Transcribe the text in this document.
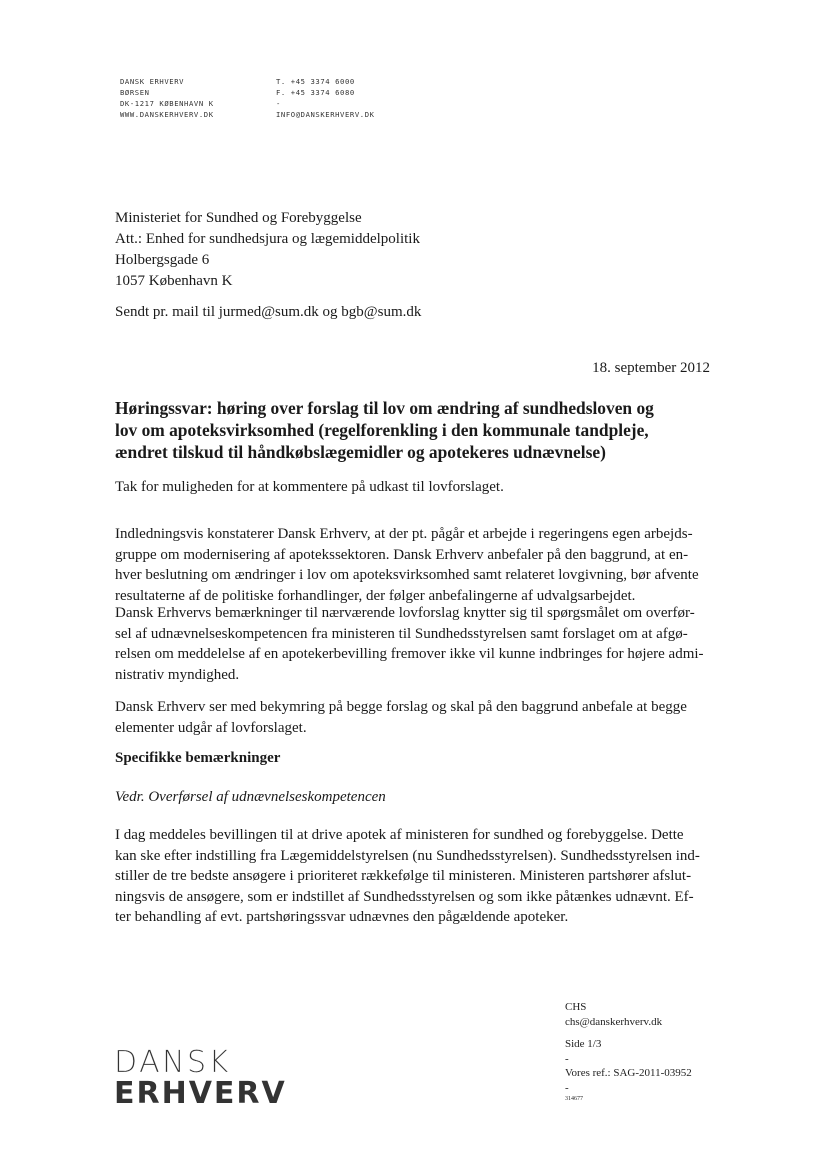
DANSK ERHVERV
BØRSEN
DK-1217 KØBENHAVN K
WWW.DANSKERHVERV.DK
T. +45 3374 6000
F. +45 3374 6080
-
INFO@DANSKERHVERV.DK
Ministeriet for Sundhed og Forebyggelse
Att.: Enhed for sundhedsjura og lægemiddelpolitik
Holbergsgade 6
1057 København K
Sendt pr. mail til jurmed@sum.dk og bgb@sum.dk
18. september 2012
Høringssvar: høring over forslag til lov om ændring af sundhedsloven og
lov om apoteksvirksomhed (regelforenkling i den kommunale tandpleje,
ændret tilskud til håndkøbslægemidler og apotekeres udnævnelse)
Tak for muligheden for at kommentere på udkast til lovforslaget.
Indledningsvis konstaterer Dansk Erhverv, at der pt. pågår et arbejde i regeringens egen arbejds-
gruppe om modernisering af apotekssektoren. Dansk Erhverv anbefaler på den baggrund, at en-
hver beslutning om ændringer i lov om apoteksvirksomhed samt relateret lovgivning, bør afvente
resultaterne af de politiske forhandlinger, der følger anbefalingerne af udvalgsarbejdet.
Dansk Erhvervs bemærkninger til nærværende lovforslag knytter sig til spørgsmålet om overfør-
sel af udnævnelseskompetencen fra ministeren til Sundhedsstyrelsen samt forslaget om at afgø-
relsen om meddelelse af en apotekerbevilling fremover ikke vil kunne indbringes for højere admi-
nistrativ myndighed.
Dansk Erhverv ser med bekymring på begge forslag og skal på den baggrund anbefale at begge
elementer udgår af lovforslaget.
Specifikke bemærkninger
Vedr. Overførsel af udnævnelseskompetencen
I dag meddeles bevillingen til at drive apotek af ministeren for sundhed og forebyggelse. Dette
kan ske efter indstilling fra Lægemiddelstyrelsen (nu Sundhedsstyrelsen). Sundhedsstyrelsen ind-
stiller de tre bedste ansøgere i prioriteret rækkefølge til ministeren. Ministeren partshører afslut-
ningsvis de ansøgere, som er indstillet af Sundhedsstyrelsen og som ikke påtænkes udnævnt. Ef-
ter behandling af evt. partshøringssvar udnævnes den pågældende apoteker.
CHS
chs@danskerhverv.dk
Side 1/3
-
Vores ref.: SAG-2011-03952
-
314677
DANSK
ERHVERV
